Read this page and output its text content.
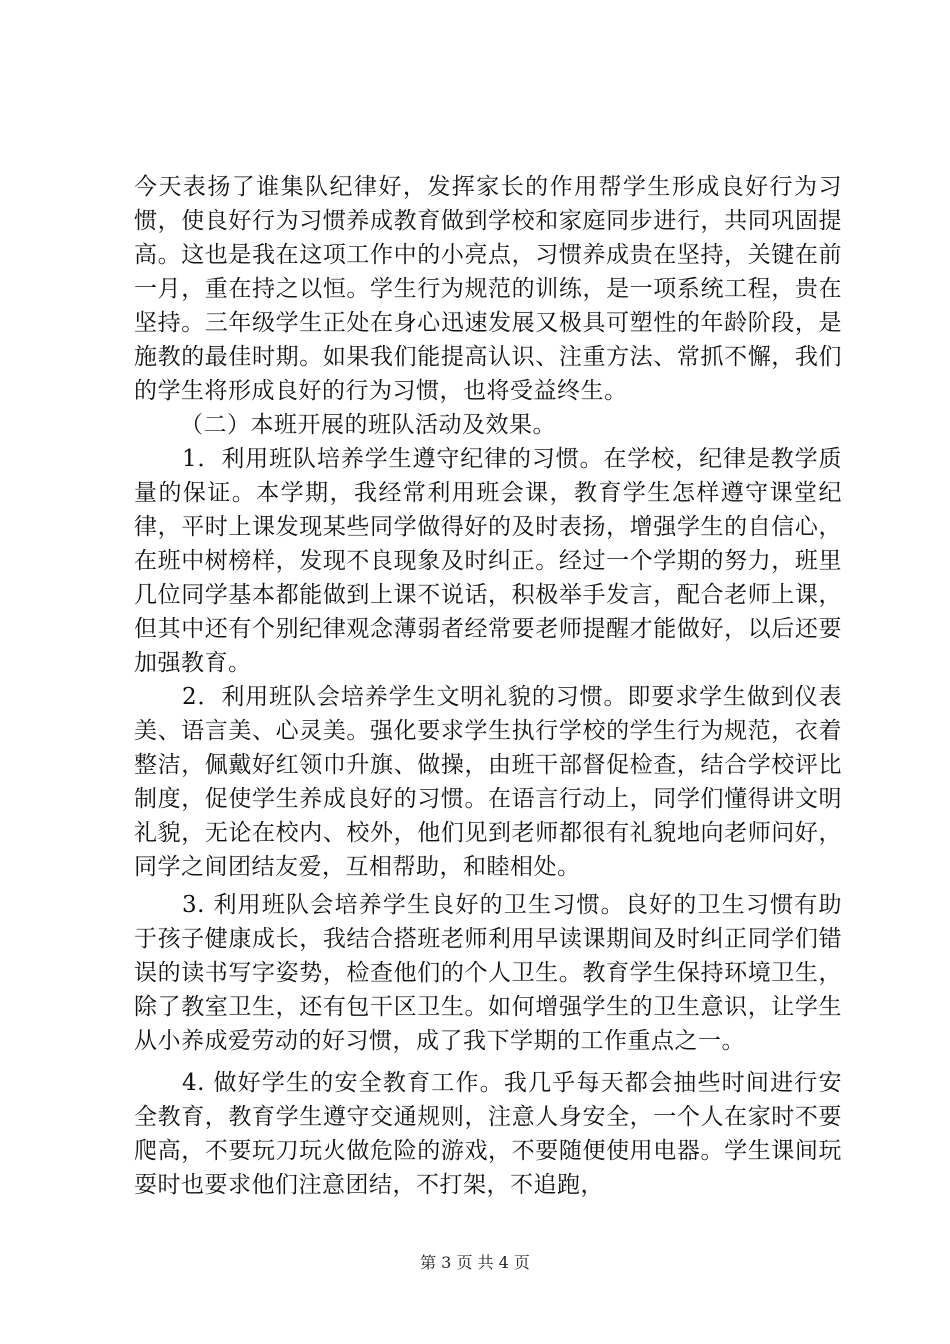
今天表扬了谁集队纪律好，发挥家长的作用帮学生形成良好行为习惯，使良好行为习惯养成教育做到学校和家庭同步进行，共同巩固提高。这也是我在这项工作中的小亮点，习惯养成贵在坚持，关键在前一月，重在持之以恒。学生行为规范的训练，是一项系统工程，贵在坚持。三年级学生正处在身心迅速发展又极具可塑性的年龄阶段，是施教的最佳时期。如果我们能提高认识、注重方法、常抓不懈，我们的学生将形成良好的行为习惯，也将受益终生。

（二）本班开展的班队活动及效果。

1．利用班队培养学生遵守纪律的习惯。在学校，纪律是教学质量的保证。本学期，我经常利用班会课，教育学生怎样遵守课堂纪律，平时上课发现某些同学做得好的及时表扬，增强学生的自信心，在班中树榜样，发现不良现象及时纠正。经过一个学期的努力，班里几位同学基本都能做到上课不说话，积极举手发言，配合老师上课，但其中还有个别纪律观念薄弱者经常要老师提醒才能做好，以后还要加强教育。

2．利用班队会培养学生文明礼貌的习惯。即要求学生做到仪表美、语言美、心灵美。强化要求学生执行学校的学生行为规范，衣着整洁，佩戴好红领巾升旗、做操，由班干部督促检查，结合学校评比制度，促使学生养成良好的习惯。在语言行动上，同学们懂得讲文明礼貌，无论在校内、校外，他们见到老师都很有礼貌地向老师问好，同学之间团结友爱，互相帮助，和睦相处。

3. 利用班队会培养学生良好的卫生习惯。良好的卫生习惯有助于孩子健康成长，我结合搭班老师利用早读课期间及时纠正同学们错误的读书写字姿势，检查他们的个人卫生。教育学生保持环境卫生，除了教室卫生，还有包干区卫生。如何增强学生的卫生意识，让学生从小养成爱劳动的好习惯，成了我下学期的工作重点之一。

4. 做好学生的安全教育工作。我几乎每天都会抽些时间进行安全教育，教育学生遵守交通规则，注意人身安全，一个人在家时不要爬高，不要玩刀玩火做危险的游戏，不要随便使用电器。学生课间玩耍时也要求他们注意团结，不打架，不追跑，

第 3 页 共 4 页
